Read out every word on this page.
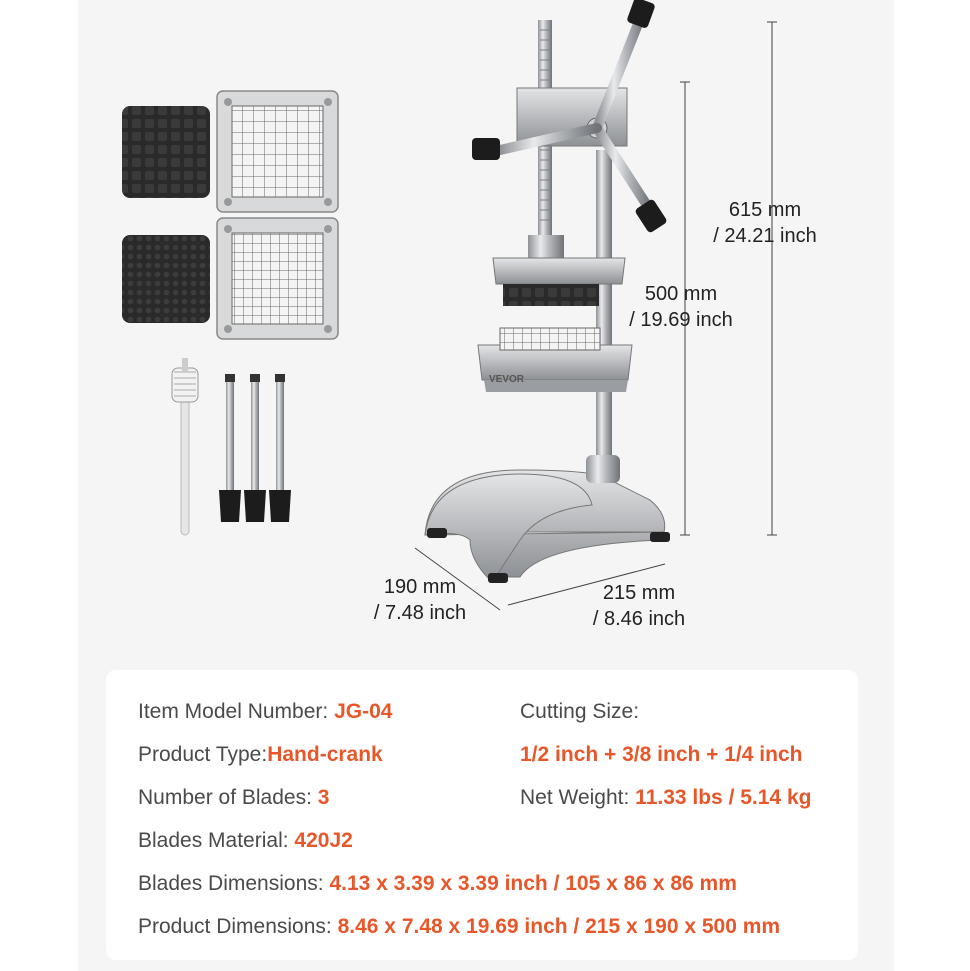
VEVOR
615 mm
/ 24.21 inch
500 mm
/ 19.69 inch
190 mm
/ 7.48 inch
215 mm
/ 8.46 inch
Item Model Number: JG-04	Cutting Size:
Product Type:Hand-crank	1/2 inch + 3/8 inch + 1/4 inch
Number of Blades: 3	Net Weight: 11.33 lbs / 5.14 kg
Blades Material: 420J2
Blades Dimensions: 4.13 x 3.39 x 3.39 inch / 105 x 86 x 86 mm
Product Dimensions: 8.46 x 7.48 x 19.69 inch / 215 x 190 x 500 mm
